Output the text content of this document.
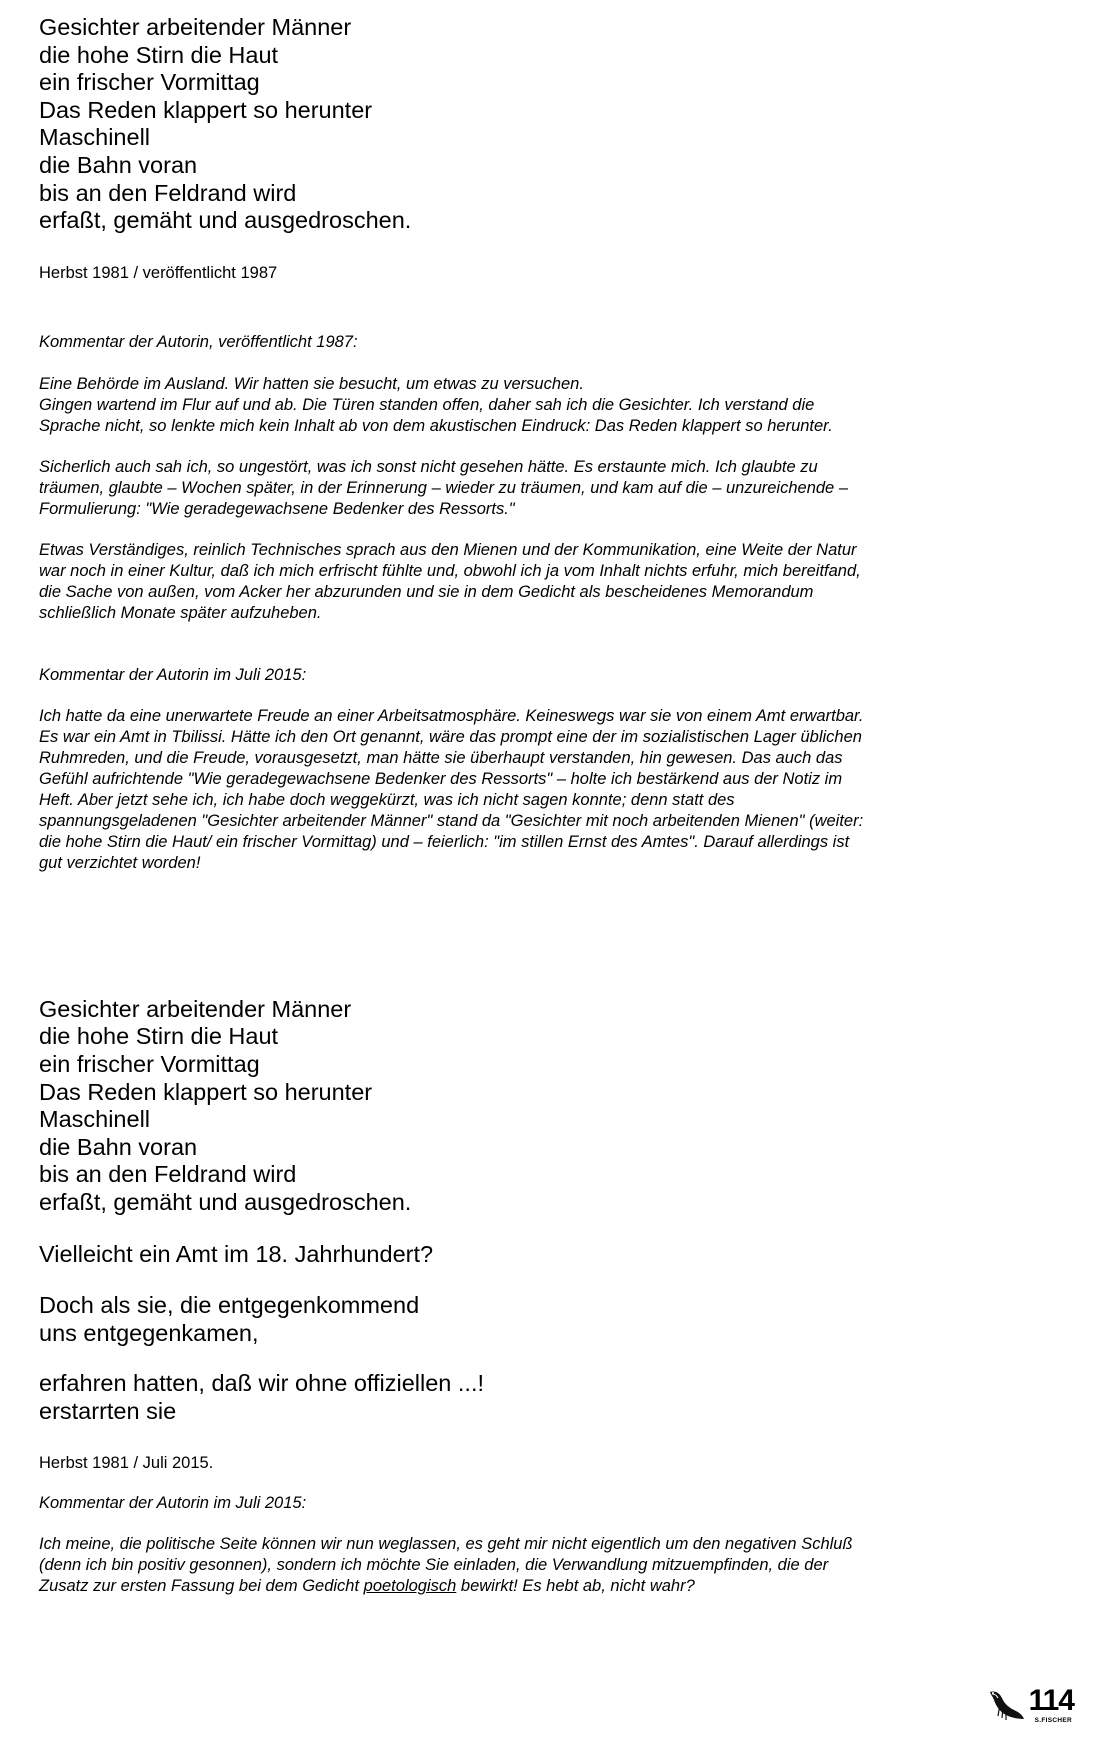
Gesichter arbeitender Männer
die hohe Stirn die Haut
ein frischer Vormittag
Das Reden klappert so herunter
Maschinell
die Bahn voran
bis an den Feldrand wird
erfaßt, gemäht und ausgedroschen.
Herbst 1981 / veröffentlicht 1987
Kommentar der Autorin, veröffentlicht 1987:
Eine Behörde im Ausland. Wir hatten sie besucht, um etwas zu versuchen.
Gingen wartend im Flur auf und ab. Die Türen standen offen, daher sah ich die Gesichter. Ich verstand die
Sprache nicht, so lenkte mich kein Inhalt ab von dem akustischen Eindruck: Das Reden klappert so herunter.
Sicherlich auch sah ich, so ungestört, was ich sonst nicht gesehen hätte. Es erstaunte mich. Ich glaubte zu
träumen, glaubte – Wochen später, in der Erinnerung – wieder zu träumen, und kam auf die – unzureichende –
Formulierung: "Wie geradegewachsene Bedenker des Ressorts."
Etwas Verständiges, reinlich Technisches sprach aus den Mienen und der Kommunikation, eine Weite der Natur
war noch in einer Kultur, daß ich mich erfrischt fühlte und, obwohl ich ja vom Inhalt nichts erfuhr, mich bereitfand,
die Sache von außen, vom Acker her abzurunden und sie in dem Gedicht als bescheidenes Memorandum
schließlich Monate später aufzuheben.
Kommentar der Autorin im Juli 2015:
Ich hatte da eine unerwartete Freude an einer Arbeitsatmosphäre. Keineswegs war sie von einem Amt erwartbar.
Es war ein Amt in Tbilissi. Hätte ich den Ort genannt, wäre das prompt eine der im sozialistischen Lager üblichen
Ruhmreden, und die Freude, vorausgesetzt, man hätte sie überhaupt verstanden, hin gewesen. Das auch das
Gefühl aufrichtende "Wie geradegewachsene Bedenker des Ressorts" – holte ich bestärkend aus der Notiz im
Heft. Aber jetzt sehe ich, ich habe doch weggekürzt, was ich nicht sagen konnte; denn statt des
spannungsgeladenen "Gesichter arbeitender Männer" stand da "Gesichter mit noch arbeitenden Mienen" (weiter:
die hohe Stirn die Haut/ ein frischer Vormittag) und – feierlich: "im stillen Ernst des Amtes". Darauf allerdings ist
gut verzichtet worden!
Gesichter arbeitender Männer
die hohe Stirn die Haut
ein frischer Vormittag
Das Reden klappert so herunter
Maschinell
die Bahn voran
bis an den Feldrand wird
erfaßt, gemäht und ausgedroschen.
Vielleicht ein Amt im 18. Jahrhundert?
Doch als sie, die entgegenkommend
uns entgegenkamen,
erfahren hatten, daß wir ohne offiziellen ...!
erstarrten sie
Herbst 1981 / Juli 2015.
Kommentar der Autorin im Juli 2015:
Ich meine, die politische Seite können wir nun weglassen, es geht mir nicht eigentlich um den negativen Schluß
(denn ich bin positiv gesonnen), sondern ich möchte Sie einladen, die Verwandlung mitzuempfinden, die der
Zusatz zur ersten Fassung bei dem Gedicht poetologisch bewirkt! Es hebt ab, nicht wahr?
114
S.FISCHER
